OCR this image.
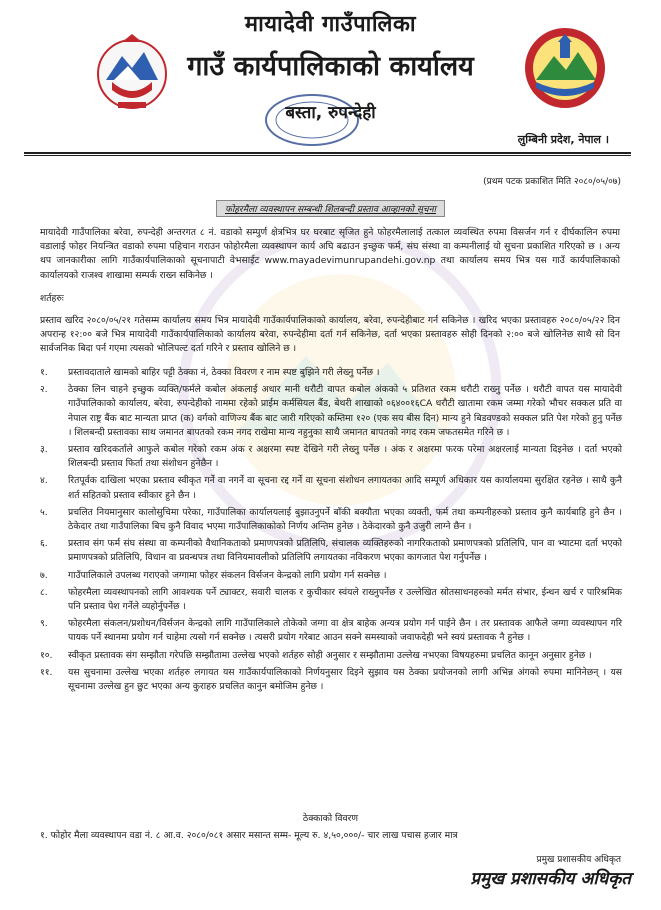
मायादेवी गाउँपालिका
गाउँ कार्यपालिकाको कार्यालय
बस्ता, रुपन्देही
लुम्बिनी प्रदेश, नेपाल ।
(प्रथम पटक प्रकाशित मिति २०८०/०५/०७)
फोहरमैला व्यवस्थापन सम्बन्धी शिलबन्दी प्रस्ताव आव्हानको सूचना
मायादेवी गाउँपालिका बरेवा, रुपन्देही अन्तरगत ८ नं. वडाको सम्पुर्ण क्षेत्रभित्र घर घरबाट सृजित हुने फोहरमैलालाई तत्काल व्यवस्थित रुपमा विसर्जन गर्न र दीर्घकालिन रुपमा वडालाई फोहर नियन्त्रित वडाको रुपमा पहिचान गराउन फोहोरमैला व्यवस्थापन कार्य अघि बढाउन इच्छुक फर्म, संघ संस्था वा कम्पनीलाई यो सुचना प्रकाशित गरिएको छ । अन्य थप जानकारीका लागि गाउँकार्यपालिकाको सूचनापाटी वेभसाईट www.mayadevimunrupandehi.gov.np तथा कार्यालय समय भित्र यस गाउँ कार्यपालिकाको कार्यालयको राजश्व शाखामा सम्पर्क राख्न सकिनेछ ।
शर्तहरुः
प्रस्ताव खरिद २०८०/०५/२१ गतेसम्म कार्यालय समय भित्र मायादेवी गाउँकार्यपालिकाको कार्यालय, बरेवा, रुपन्देहीबाट गर्न सकिनेछ । खरिद भएका प्रस्तावहरु २०८०/०५/२२ दिन अपरान्ह १२:०० बजे भित्र मायादेवी गाउँकार्यपालिकाको कार्यालय बरेवा, रुपन्देहीमा दर्ता गर्न सकिनेछ, दर्ता भएका प्रस्तावहरु सोही दिनको २:०० बजे खोलिनेछ साथै सो दिन सार्वजनिक बिदा पर्न गएमा त्यसको भोलिपल्ट दर्ता गरिने र प्रस्ताव खोलिने छ ।
१.	प्रस्तावदाताले खामको बाहिर पट्टी ठेक्का नं, ठेक्का विवरण र नाम स्पष्ट बुझिने गरी लेख्नु पर्नेछ ।
२.	ठेक्का लिन चाहने इच्छुक व्यक्ति/फर्मले कबोल अंकलाई अधार मानी धरौटी वापत कबोल अंकको ५ प्रतिशत रकम धरौटी राख्नु पर्नेछ । धरौटी वापत यस मायादेवी गाउँपालिकाको कार्यालय, बरेवा, रुपन्देहीको नाममा रहेको प्राईम कर्मसियल बैंड, बेथरी शाखाको ०६४००१६CA धरौटी खातामा रकम जम्मा गरेको भौचर सक्कल प्रति वा नेपाल राष्ट्र बैंक बाट मान्यता प्राप्त (क) वर्गको वाणिज्य बैंक बाट जारी गरिएको कम्तिमा १२० (एक सय बीस दिन) मान्य हुने बिडवण्डको सक्कल प्रति पेश गरेको हुनु पर्नेछ । शिलबन्दी प्रस्तावका साथ जमानत बापतको रकम नगद राखेमा मान्य नहुनुका साथै जमानत बापतको नगद रकम जफतसमेत गरिने छ ।
३.	प्रस्ताव खरिदकर्ताले आफुले कबोल गरेको रकम अंक र अक्षरमा स्पष्ट देखिने गरी लेख्नु पर्नेछ । अंक र अक्षरमा फरक परेमा अक्षरलाई मान्यता दिइनेछ । दर्ता भएको शिलबन्दी प्रस्ताव फिर्ता तथा संशोधन हुनेछैन ।
४.	रितपूर्वक दाखिला भएका प्रस्ताव स्वीकृत गर्ने वा नगर्ने वा सूचना रद्द गर्ने वा सूचना संशोधन लगायतका आदि सम्पूर्ण अधिकार यस कार्यालयमा सुरक्षित रहनेछ । साथै कुनै शर्त सहितको प्रस्ताव स्वीकार हुने छैन ।
५.	प्रचलित नियमानुसार कालोसुचिमा परेका, गाउँपालिका कार्यालयलाई बुझाउनुपर्ने बाँकी बक्यौता भएका व्यक्ती, फर्म तथा कम्पनीहरुको प्रस्ताव कुनै कार्यबाहि हुने छैन । ठेकेदार तथा गाउँपालिका बिच कुनै विवाद भएमा गाउँपालिकाकोको निर्णय अन्तिम हुनेछ । ठेकेदारको कुनै उजुरी लाग्ने छैन ।
६.	प्रस्ताव संग फर्म संघ संस्था वा कम्पनीको वैधानिकताको प्रमाणपत्रको प्रतिलिपि, संचालक व्यक्तिहरुको नागरिकताको प्रमाणपत्रको प्रतिलिपि, पान वा भ्याटमा दर्ता भएको प्रमाणपत्रको प्रतिलिपि, विधान वा प्रवन्धपत्र तथा विनियमावलीको प्रतिलिपि लगायतका नविकरण भएका कागजात पेश गर्नुपर्नेछ ।
७.	गाउँपालिकाले उपलब्ध गराएको जग्गामा फोहर संकलन विर्सजन केन्द्रको लागि प्रयोग गर्न सक्नेछ ।
८.	फोहरमैला व्यवस्थापनको लागि आवश्यक पर्ने ट्याक्टर, सवारी चालक र कुचीकार स्वंयले राख्नुपर्नेछ र उल्लेखित स्रोतसाधनहरुको मर्मत संभार, ईन्धन खर्च र पारिश्रमिक पनि प्रस्ताव पेश गर्नेले व्यहोर्नुपर्नेछ ।
९.	फोहरमैला संकलन/प्रशोधन/विर्सजन केन्द्रको लागि गाउँपालिकाले तोकेको जग्गा वा क्षेत्र बाहेक अन्यत्र प्रयोग गर्न पाईने छैन । तर प्रस्तावक आफैले जग्गा व्यवस्थापन गरि पायक पर्ने स्थानमा प्रयोग गर्न चाहेमा त्यसो गर्न सक्नेछ । त्यसरी प्रयोग गरेबाट आउन सक्ने समस्याको जवाफदेही भने स्वयं प्रस्तावक नै हुनेछ ।
१०.	स्वीकृत प्रस्तावक संग सम्झौता गरेपछि सम्झौतामा उल्लेख भएको शर्तहरु सोही अनुसार र सम्झौतामा उल्लेख नभएका विषयहरुमा प्रचलित कानून अनुसार हुनेछ ।
११.	यस सुचनामा उल्लेख भएका शर्तहरु लगायत यस गाउँकार्यपालिकाको निर्णयनुसार दिइने सुझाव यस ठेक्का प्रयोजनको लागी अभिन्न अंगको रुपमा मानिनेछन् । यस सूचनामा उल्लेख हुन छुट भएका अन्य कुराहरु प्रचलित कानुन बमोजिम हुनेछ ।
ठेक्काको विवरण
१. फोहोर मैला व्यवस्थापन वडा नं. ८ आ.व. २०८०/०८१ असार मसान्त सम्म- मूल्य रु. ४,५०,०००/- चार लाख पचास हजार मात्र
प्रमुख प्रशासकीय अधिकृत
प्रमुख प्रशासकीय अधिकृत
